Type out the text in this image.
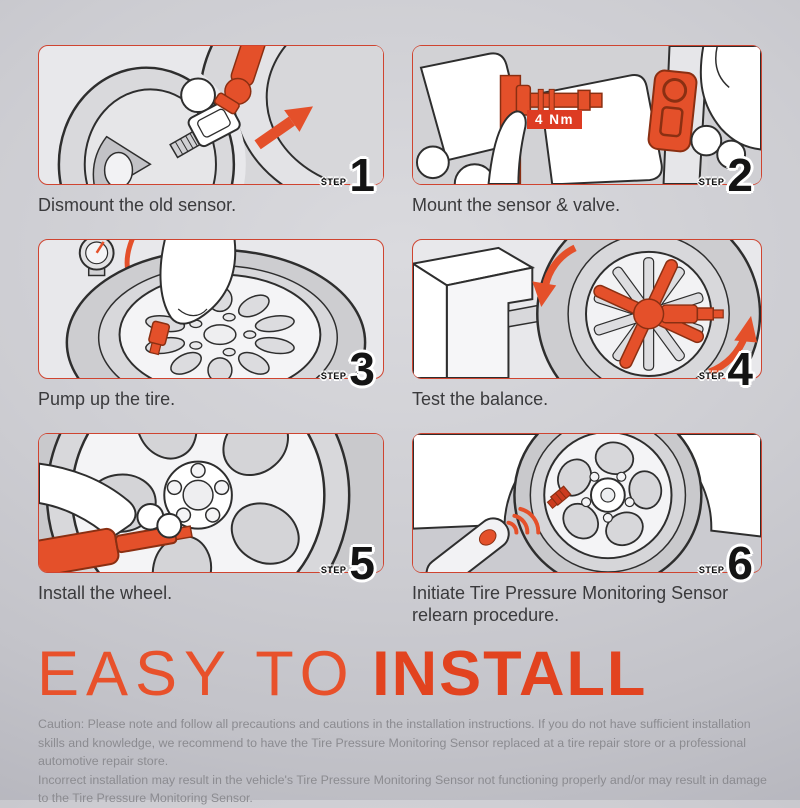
STEP 1
Dismount the old sensor.
4 Nm
STEP 2
Mount the sensor & valve.
STEP 3
Pump up the tire.
STEP 4
Test the balance.
STEP 5
Install the wheel.
STEP 6
Initiate Tire Pressure Monitoring Sensor relearn procedure.
EASY TO INSTALL

Caution: Please note and follow all precautions and cautions in the installation instructions. If you do not have sufficient installation skills and knowledge, we recommend to have the Tire Pressure Monitoring Sensor replaced at a tire repair store or a professional automotive repair store.

Incorrect installation may result in the vehicle's Tire Pressure Monitoring Sensor not functioning properly and/or may result in damage to the Tire Pressure Monitoring Sensor.
